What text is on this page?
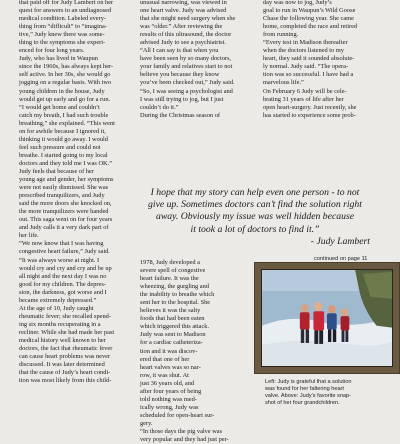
that paid off for Judy Lambert on her
quest for answers to an undiagnosed
medical condition. Labeled every-
thing from “difficult” to “imagina-
tive,” Judy knew there was some-
thing to the symptoms she experi-
enced for four long years.
Judy, who has lived in Waupun
since the 1960s, has always kept her-
self active. In her 30s, she would go
jogging on a regular basis. With two
young children in the house, Judy
would get up early and go for a run.
“I would get home and couldn’t
catch my breath, I had such trouble
breathing,” she explained. “This went
on for awhile because I ignored it,
thinking it would go away. I would
feel such pressure and could not
breathe. I started going to my local
doctors and they told me I was OK.”
Judy feels that because of her
young age and gender, her symptoms
were not easily dismissed. She was
prescribed tranquilizers, and Judy
said the more doors she knocked on,
the more tranquilizers were handed
out. This saga went on for four years
and Judy calls it a very dark part of
her life.
“We now know that I was having
congestive heart failure,” Judy said.
“It was always worse at night. I
would cry and cry and cry and be up
all night and the next day I was no
good for my children. The depres-
sion, the darkness, got worse and I
became extremely depressed.”
At the age of 10, Judy caught
rheumatic fever; she recalled spend-
ing six months recuperating in a
recliner. While she had made her past
medical history well known to her
doctors, the fact that rheumatic fever
can cause heart problems was never
discussed. It was later determined
that the cause of Judy’s heart condi-
tion was most likely from this child-
unusual narrowing, was viewed in
one heart valve. Judy was advised
that she might need surgery when she
was “older.” After reviewing the
results of this ultrasound, the doctor
advised Judy to see a psychiatrist.
“All I can say is that when you
have been seen by so many doctors,
your family and relatives start to not
believe you because they know
you’ve been checked out,” Judy said.
“So, I was seeing a psychologist and
I was still trying to jog, but I just
couldn’t do it.”
During the Christmas season of
day was now to jog, Judy’s
goal to run in Waupun’s Wild Goose
Chase the following year. She came
home, completed the race and retired
from running.
“Every test in Madison thereafter
when the doctors listened to my
heart, they said it sounded absolute-
ly normal. Judy said. “The opera-
tion was so successful. I have had a
marvelous life.”
On February 6 Judy will be cele-
brating 31 years of life after her
open heart-surgery. Just recently, she
has started to experience some prob-
1978, Judy developed a
severe spell of congestive
heart failure. It was the
wheezing, the gurgling and
the inability to breathe which
sent her to the hospital. She
believes it was the salty
foods that had been eaten
which triggered this attack.
Judy was sent to Madison
for a cardiac catheteriza-
tion and it was discov-
ered that one of her
heart valves was so nar-
row, it was shut. At
just 36 years old, and
after four years of being
told nothing was med-
ically wrong, Judy was
scheduled for open-heart sur-
gery.
“In those days the pig valve was
very popular and they had just per-
I hope that my story can help even one person - to not
give up. Sometimes doctors can’t find the solution right
away. Obviously my issue was well hidden because
it took a lot of doctors to find it.”
- Judy Lambert
continued on page 11
Left: Judy is grateful that a solution
was found for her faltering heart
valve. Above: Judy’s favorite snap-
shot of her four grandchildren.
